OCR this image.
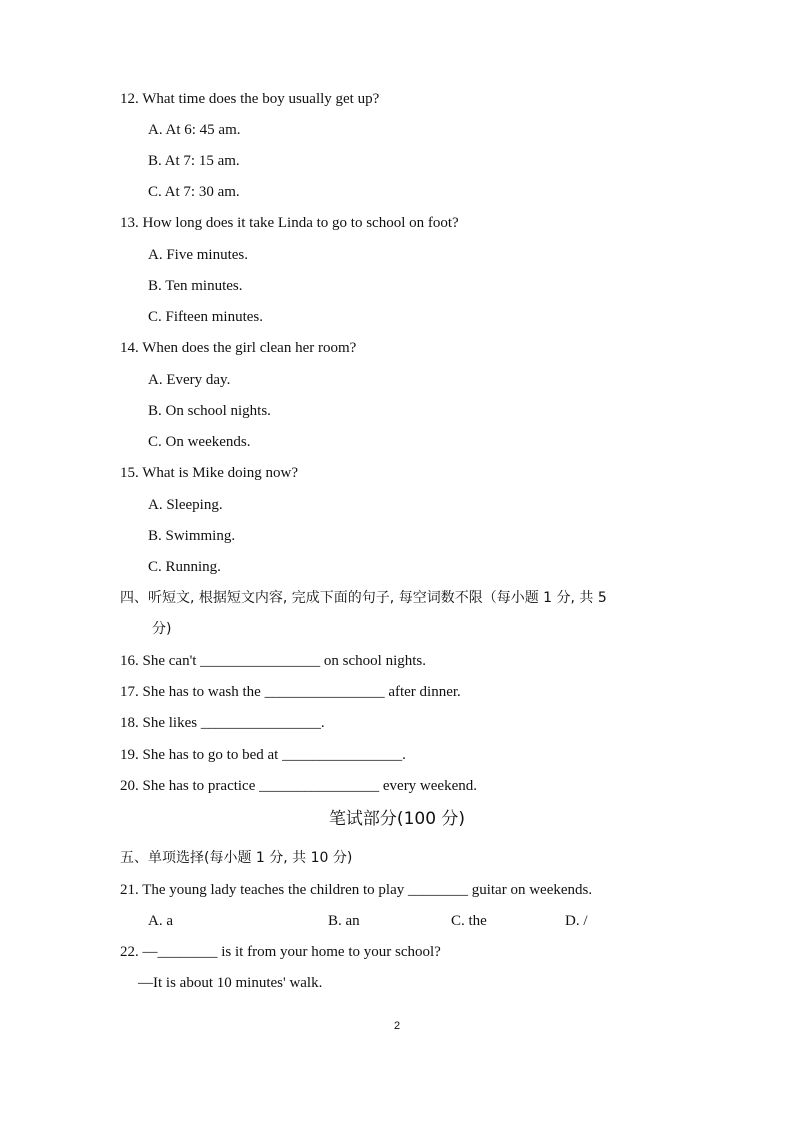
12. What time does the boy usually get up?
A. At 6: 45 am.
B. At 7: 15 am.
C. At 7: 30 am.
13. How long does it take Linda to go to school on foot?
A. Five minutes.
B. Ten minutes.
C. Fifteen minutes.
14. When does the girl clean her room?
A. Every day.
B. On school nights.
C. On weekends.
15. What is Mike doing now?
A. Sleeping.
B. Swimming.
C. Running.
四、听短文, 根据短文内容, 完成下面的句子, 每空词数不限（每小题 1 分, 共 5
分)
16. She can't ________________ on school nights.
17. She has to wash the ________________ after dinner.
18. She likes ________________.
19. She has to go to bed at ________________.
20. She has to practice ________________ every weekend.
笔试部分(100 分)
五、单项选择(每小题 1 分, 共 10 分)
21. The young lady teaches the children to play ________ guitar on weekends.
A. a	B. an	C. the	D. /
22. —________ is it from your home to your school?
—It is about 10 minutes' walk.
2
